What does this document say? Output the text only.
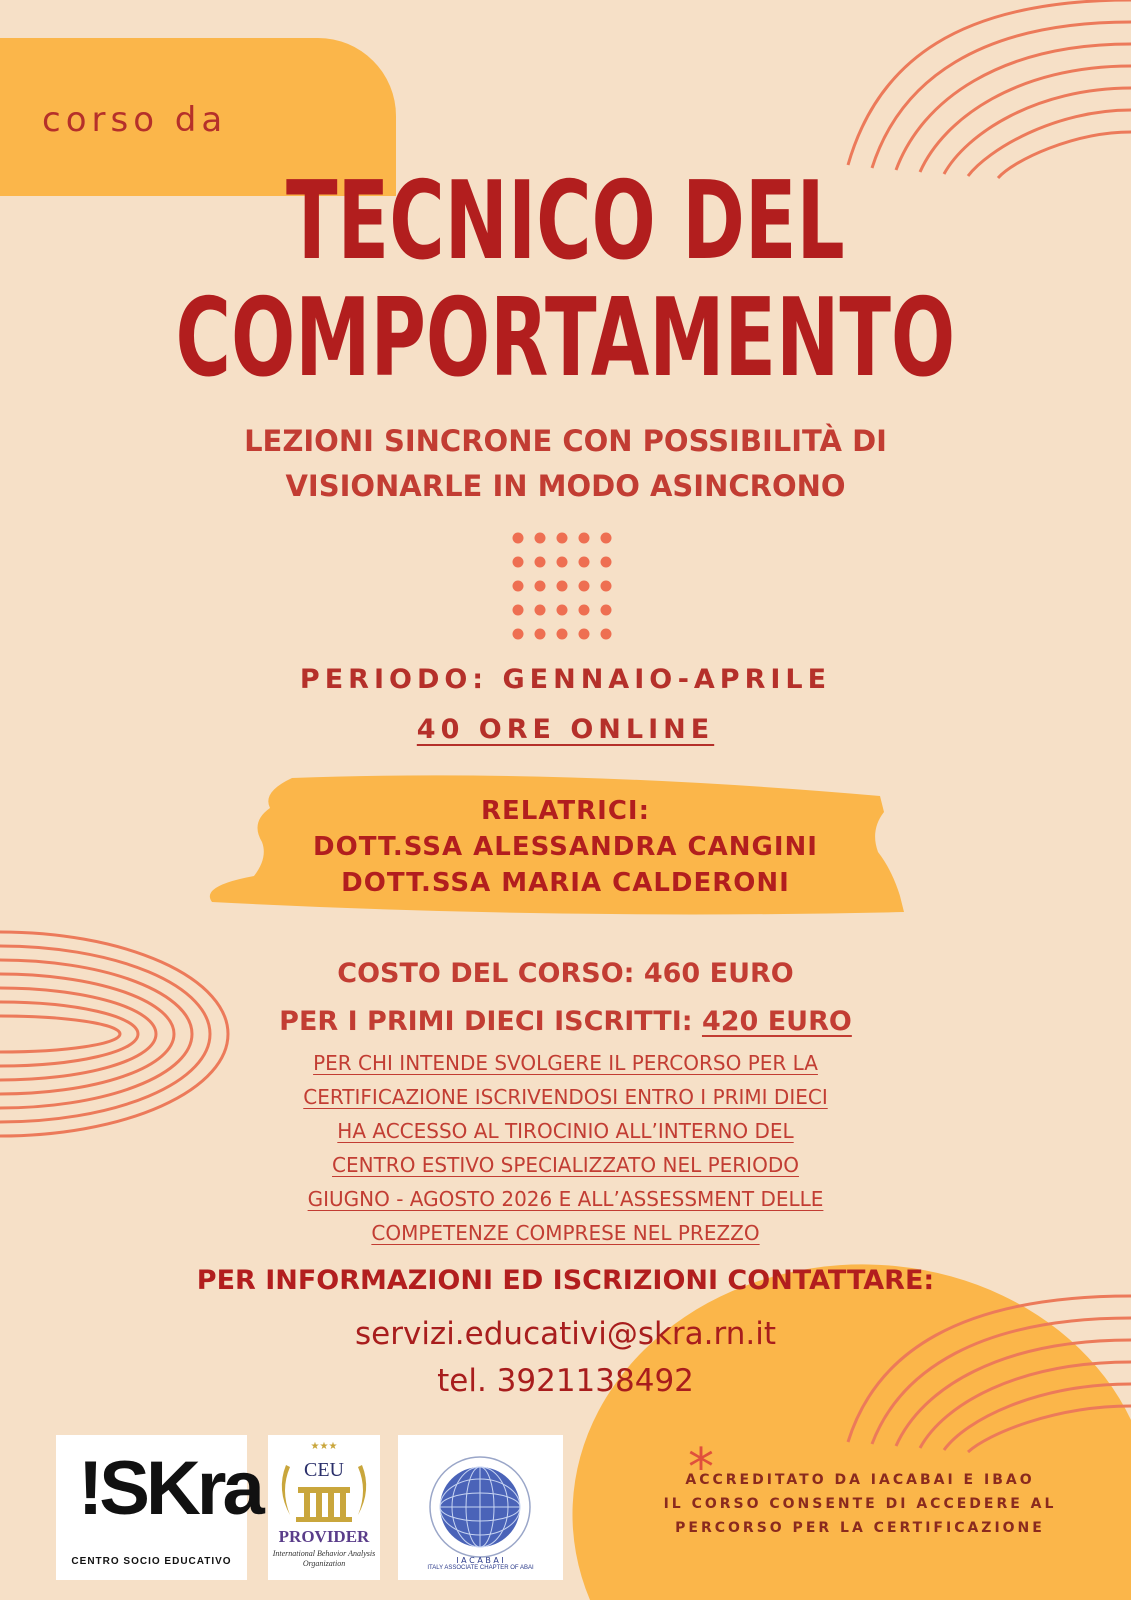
corso da
TECNICO DEL
COMPORTAMENTO
LEZIONI SINCRONE CON POSSIBILITÀ DI
VISIONARLE IN MODO ASINCRONO
PERIODO: GENNAIO-APRILE
40 ORE ONLINE
RELATRICI:
DOTT.SSA ALESSANDRA CANGINI
DOTT.SSA MARIA CALDERONI
COSTO DEL CORSO: 460 EURO
PER I PRIMI DIECI ISCRITTI: 420 EURO
PER CHI INTENDE SVOLGERE IL PERCORSO PER LA
CERTIFICAZIONE ISCRIVENDOSI ENTRO I PRIMI DIECI
HA ACCESSO AL TIROCINIO ALL’INTERNO DEL
CENTRO ESTIVO SPECIALIZZATO NEL PERIODO
GIUGNO - AGOSTO 2026 E ALL’ASSESSMENT DELLE
COMPETENZE COMPRESE NEL PREZZO
PER INFORMAZIONI ED ISCRIZIONI CONTATTARE:
servizi.educativi@skra.rn.it
tel. 3921138492
!SKra
CENTRO SOCIO EDUCATIVO
★★★
CEU
PROVIDER
International Behavior Analysis Organization	I A C A B A I
ITALY ASSOCIATE CHAPTER OF ABAI
*
ACCREDITATO DA IACABAI E IBAO
IL CORSO CONSENTE DI ACCEDERE AL
PERCORSO PER LA CERTIFICAZIONE
